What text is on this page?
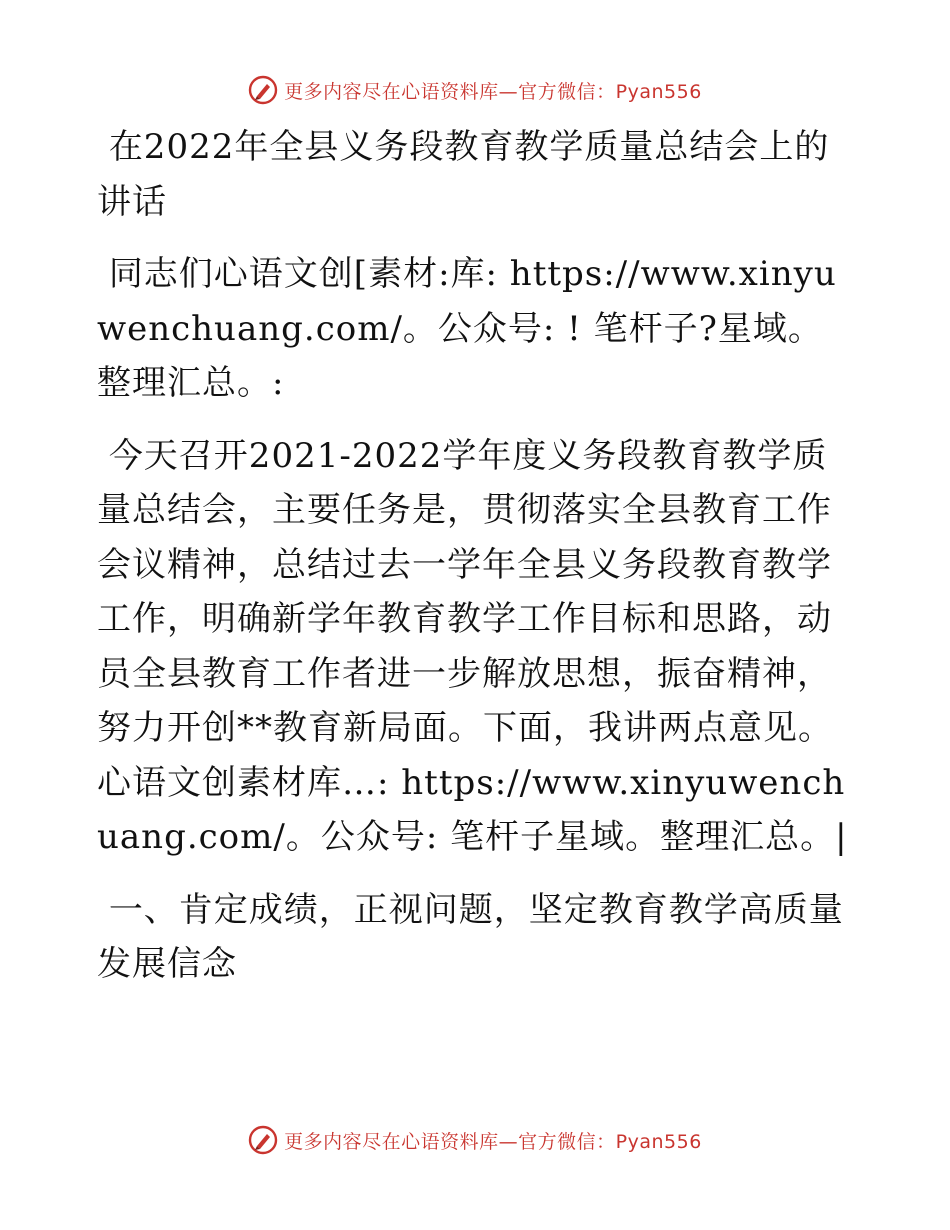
更多内容尽在心语资料库—官方微信：Pyan556

在2022年全县义务段教育教学质量总结会上的讲话

同志们心语文创[素材:库: https://www.xinyuwenchuang.com/。公众号: ! 笔杆子?星域。整理汇总。:

今天召开2021-2022学年度义务段教育教学质量总结会，主要任务是，贯彻落实全县教育工作会议精神，总结过去一学年全县义务段教育教学工作，明确新学年教育教学工作目标和思路，动员全县教育工作者进一步解放思想，振奋精神，努力开创**教育新局面。下面，我讲两点意见。心语文创素材库…: https://www.xinyuwenchuang.com/。公众号: 笔杆子星域。整理汇总。|

一、肯定成绩，正视问题，坚定教育教学高质量发展信念

更多内容尽在心语资料库—官方微信：Pyan556
